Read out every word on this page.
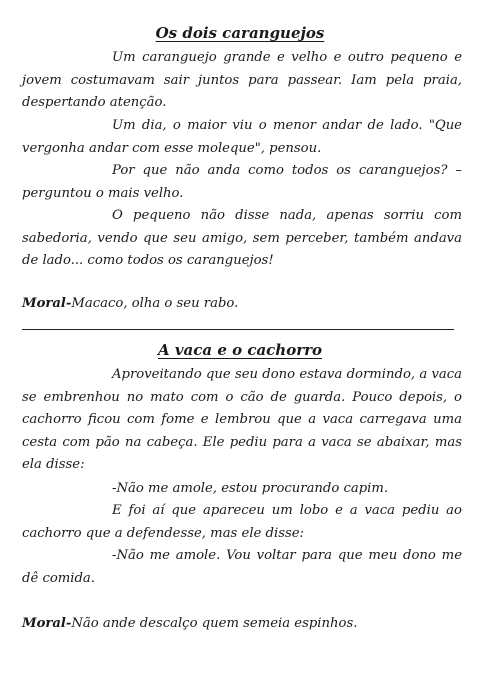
Os dois caranguejos

Um caranguejo grande e velho e outro pequeno e jovem costumavam sair juntos para passear. Iam pela praia, despertando atenção.

Um dia, o maior viu o menor andar de lado. "Que vergonha andar com esse moleque", pensou.

Por que não anda como todos os caranguejos? – perguntou o mais velho.

O pequeno não disse nada, apenas sorriu com sabedoria, vendo que seu amigo, sem perceber, também andava de lado... como todos os caranguejos!

Moral-Macaco, olha o seu rabo.
A vaca e o cachorro

Aproveitando que seu dono estava dormindo, a vaca se embrenhou no mato com o cão de guarda. Pouco depois, o cachorro ficou com fome e lembrou que a vaca carregava uma cesta com pão na cabeça. Ele pediu para a vaca se abaixar, mas ela disse:

-Não me amole, estou procurando capim.

E foi aí que apareceu um lobo e a vaca pediu ao cachorro que a defendesse, mas ele disse:

-Não me amole. Vou voltar para que meu dono me dê comida.

Moral-Não ande descalço quem semeia espinhos.
